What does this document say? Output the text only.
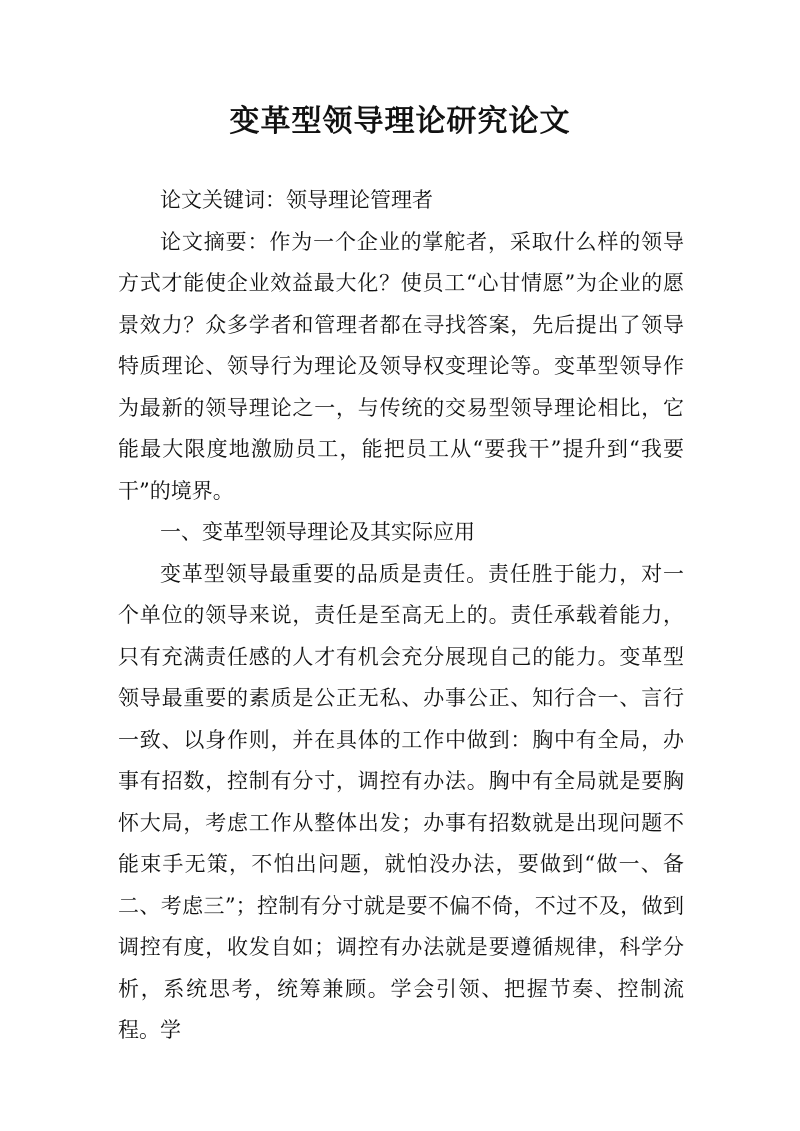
变革型领导理论研究论文

论文关键词：领导理论管理者

论文摘要：作为一个企业的掌舵者，采取什么样的领导方式才能使企业效益最大化？使员工“心甘情愿”为企业的愿景效力？众多学者和管理者都在寻找答案，先后提出了领导特质理论、领导行为理论及领导权变理论等。变革型领导作为最新的领导理论之一，与传统的交易型领导理论相比，它能最大限度地激励员工，能把员工从“要我干”提升到“我要干”的境界。

一、变革型领导理论及其实际应用

变革型领导最重要的品质是责任。责任胜于能力，对一个单位的领导来说，责任是至高无上的。责任承载着能力，只有充满责任感的人才有机会充分展现自己的能力。变革型领导最重要的素质是公正无私、办事公正、知行合一、言行一致、以身作则，并在具体的工作中做到：胸中有全局，办事有招数，控制有分寸，调控有办法。胸中有全局就是要胸怀大局，考虑工作从整体出发；办事有招数就是出现问题不能束手无策，不怕出问题，就怕没办法，要做到“做一、备二、考虑三”；控制有分寸就是要不偏不倚，不过不及，做到调控有度，收发自如；调控有办法就是要遵循规律，科学分析，系统思考，统筹兼顾。学会引领、把握节奏、控制流程。学
